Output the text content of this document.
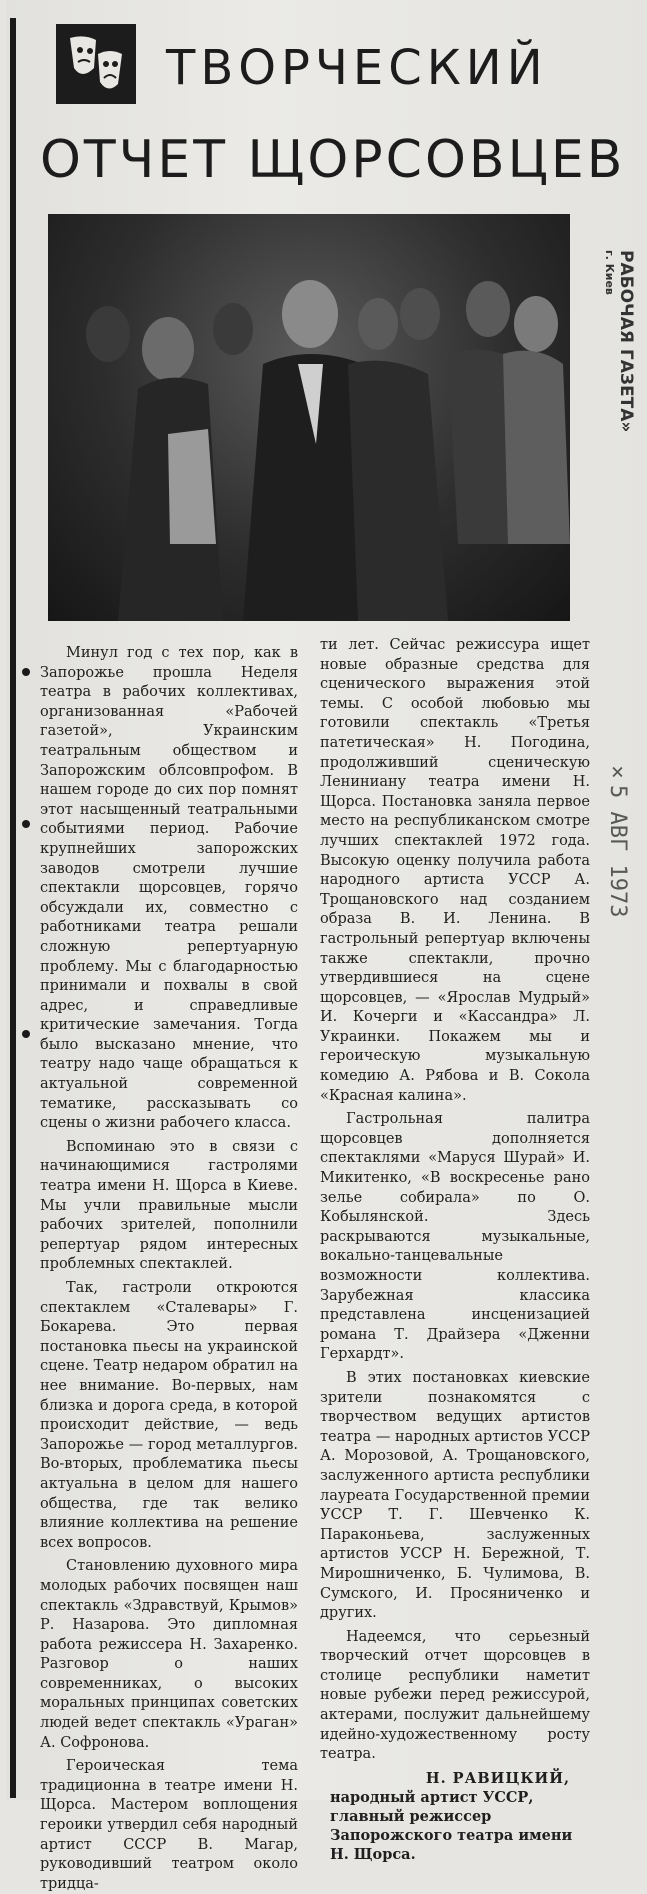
ТВОРЧЕСКИЙ
ОТЧЕТ ЩОРСОВЦЕВ
РАБОЧАЯ ГАЗЕТА»
г. Киев
×5 АВГ 1973

Минул год с тех пор, как в Запорожье прошла Неделя театра в рабочих коллективах, организованная «Рабочей газетой», Украинским театральным обществом и Запорожским облсовпрофом. В нашем городе до сих пор помнят этот насыщенный театральными событиями период. Рабочие крупнейших запорожских заводов смотрели лучшие спектакли щорсовцев, горячо обсуждали их, совместно с работниками театра решали сложную репертуарную проблему. Мы с благодарностью принимали и похвалы в свой адрес, и справедливые критические замечания. Тогда было высказано мнение, что театру надо чаще обращаться к актуальной современной тематике, рассказывать со сцены о жизни рабочего класса.

Вспоминаю это в связи с начинающимися гастролями театра имени Н. Щорса в Киеве. Мы учли правильные мысли рабочих зрителей, пополнили репертуар рядом интересных проблемных спектаклей.

Так, гастроли откроются спектаклем «Сталевары» Г. Бокарева. Это первая постановка пьесы на украинской сцене. Театр недаром обратил на нее внимание. Во-первых, нам близка и дорога среда, в которой происходит действие, — ведь Запорожье — город металлургов. Во-вторых, проблематика пьесы актуальна в целом для нашего общества, где так велико влияние коллектива на решение всех вопросов.

Становлению духовного мира молодых рабочих посвящен наш спектакль «Здравствуй, Крымов» Р. Назарова. Это дипломная работа режиссера Н. Захаренко. Разговор о наших современниках, о высоких моральных принципах советских людей ведет спектакль «Ураган» А. Софронова.

Героическая тема традиционна в театре имени Н. Щорса. Мастером воплощения героики утвердил себя народный артист СССР В. Магар, руководивший театром около тридца-

ти лет. Сейчас режиссура ищет новые образные средства для сценического выражения этой темы. С особой любовью мы готовили спектакль «Третья патетическая» Н. Погодина, продолживший сценическую Лениниану театра имени Н. Щорса. Постановка заняла первое место на республиканском смотре лучших спектаклей 1972 года. Высокую оценку получила работа народного артиста УССР А. Трощановского над созданием образа В. И. Ленина. В гастрольный репертуар включены также спектакли, прочно утвердившиеся на сцене щорсовцев, — «Ярослав Мудрый» И. Кочерги и «Кассандра» Л. Украинки. Покажем мы и героическую музыкальную комедию А. Рябова и В. Сокола «Красная калина».

Гастрольная палитра щорсовцев дополняется спектаклями «Маруся Шурай» И. Микитенко, «В воскресенье рано зелье собирала» по О. Кобылянской. Здесь раскрываются музыкальные, вокально-танцевальные возможности коллектива. Зарубежная классика представлена инсценизацией романа Т. Драйзера «Дженни Герхардт».

В этих постановках киевские зрители познакомятся с творчеством ведущих артистов театра — народных артистов УССР А. Морозовой, А. Трощановского, заслуженного артиста республики лауреата Государственной премии УССР Т. Г. Шевченко К. Параконьева, заслуженных артистов УССР Н. Бережной, Т. Мирошниченко, Б. Чулимова, В. Сумского, И. Просяниченко и других.

Надеемся, что серьезный творческий отчет щорсовцев в столице республики наметит новые рубежи перед режиссурой, актерами, послужит дальнейшему идейно-художественному росту театра.

Н. РАВИЦКИЙ,
народный артист УССР,
главный режиссер Запорожского театра имени
Н. Щорса.
